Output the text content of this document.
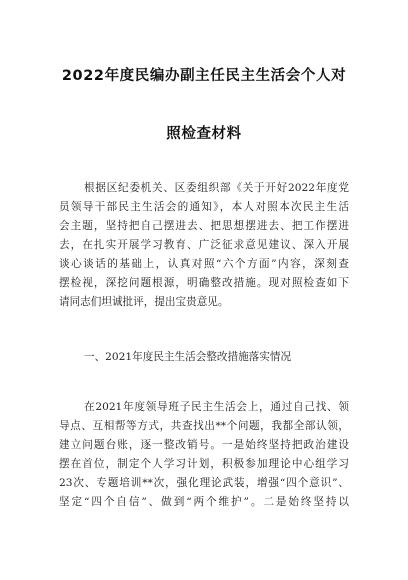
2022年度民编办副主任民主生活会个人对
照检查材料
根据区纪委机关、区委组织部《关于开好2022年度党
员领导干部民主生活会的通知》，本人对照本次民主生活
会主题，坚持把自己摆进去、把思想摆进去、把工作摆进
去，在扎实开展学习教育、广泛征求意见建议、深入开展
谈心谈话的基础上，认真对照“六个方面”内容，深刻查
摆检视，深挖问题根源，明确整改措施。现对照检查如下
请同志们坦诚批评，提出宝贵意见。
一、2021年度民主生活会整改措施落实情况
在2021年度领导班子民主生活会上，通过自己找、领
导点、互相帮等方式，共查找出**个问题，我都全部认领，
建立问题台账，逐一整改销号。一是始终坚持把政治建设
摆在首位，制定个人学习计划，积极参加理论中心组学习
23次、专题培训**次，强化理论武装，增强“四个意识”、
坚定“四个自信”、做到“两个维护”。二是始终坚持以
